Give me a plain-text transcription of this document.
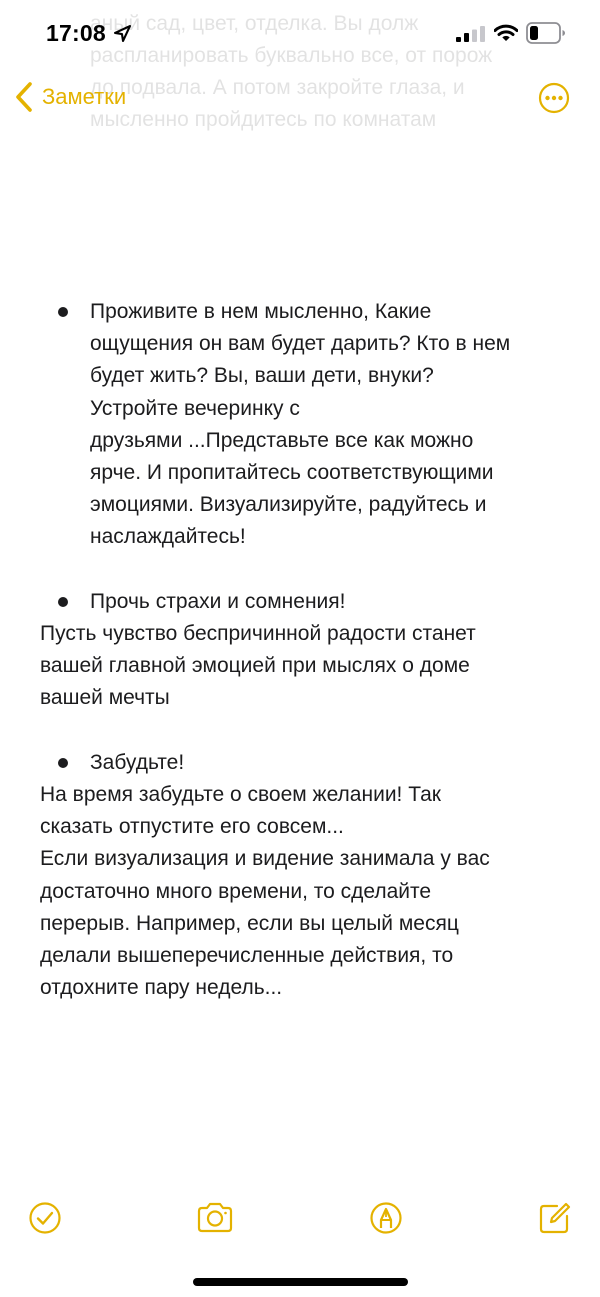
17:08
аный сад, цвет, отделка. Вы долж
распланировать буквально все, от порож
до подвала. А потом закройте глаза, и
мысленно пройдитесь по комнатам
Заметки
Проживите в нем мысленно, Какие
ощущения он вам будет дарить? Кто в нем
будет жить? Вы, ваши дети, внуки?
Устройте вечеринку с
друзьями ...Представьте все как можно
ярче. И пропитайтесь соответствующими
эмоциями. Визуализируйте, радуйтесь и
наслаждайтесь!
Прочь страхи и сомнения!
Пусть чувство беспричинной радости станет
вашей главной эмоцией при мыслях о доме
вашей мечты
Забудьте!
На время забудьте о своем желании! Так
сказать отпустите его совсем...
Если визуализация и видение занимала у вас
достаточно много времени, то сделайте
перерыв. Например, если вы целый месяц
делали вышеперечисленные действия, то
отдохните пару недель...
